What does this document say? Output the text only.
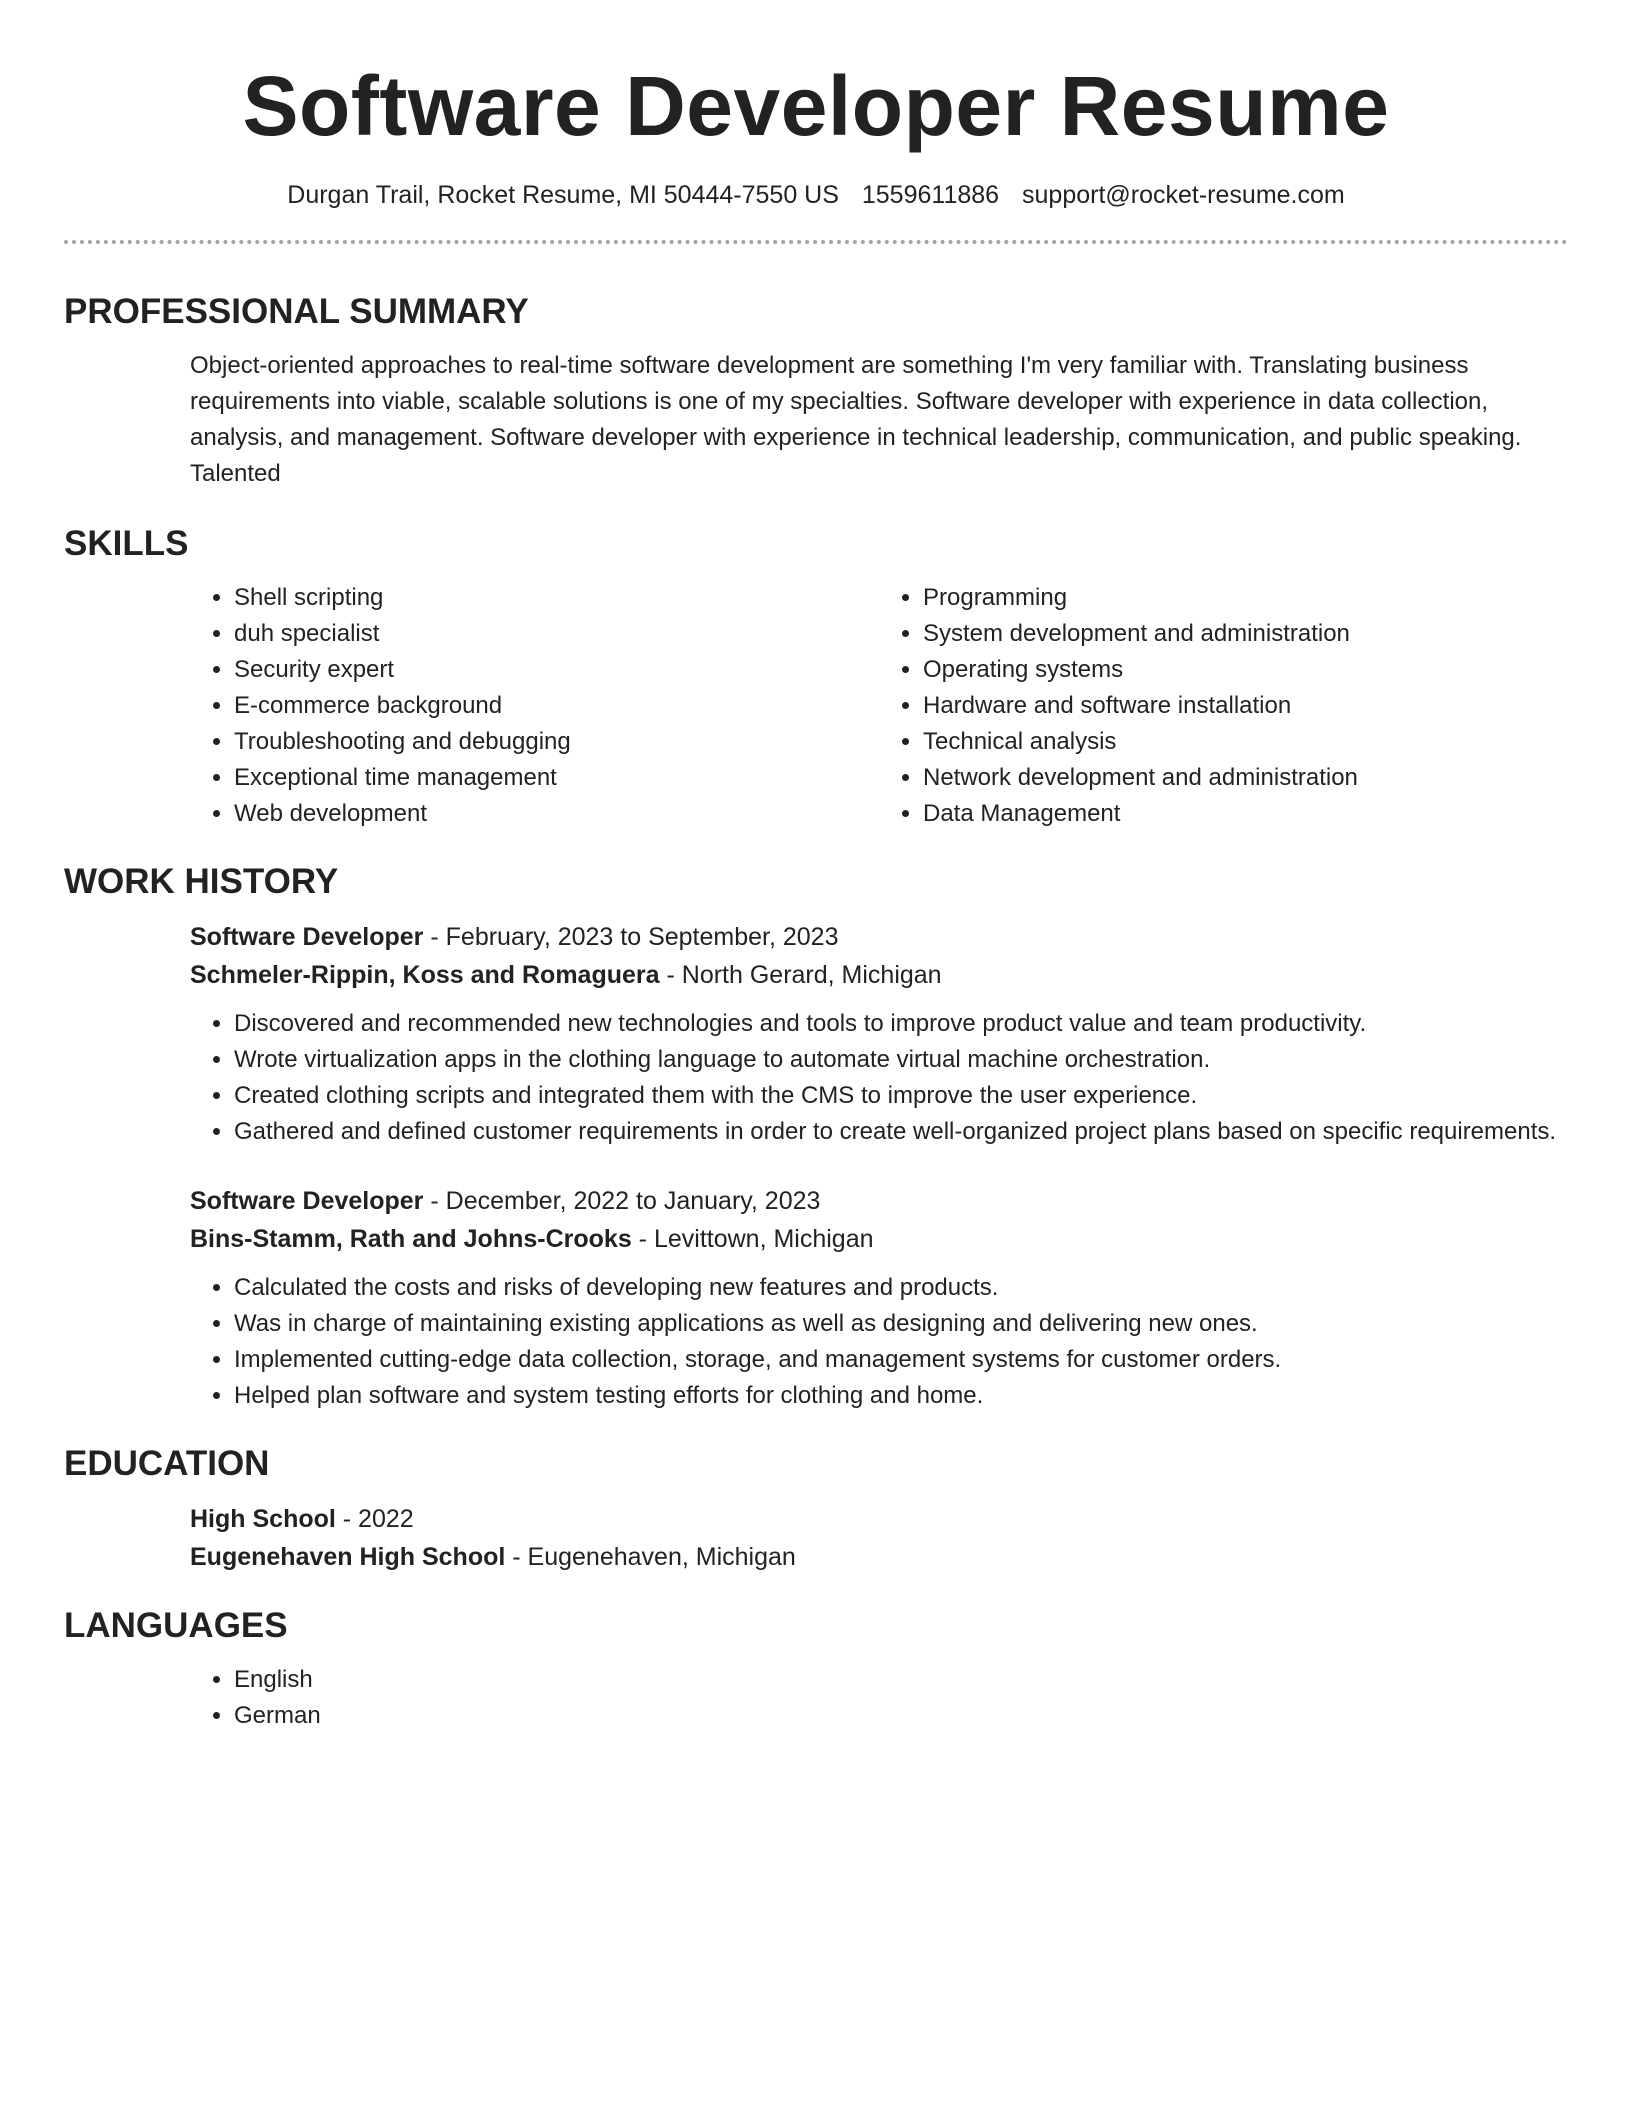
Software Developer Resume
Durgan Trail, Rocket Resume, MI 50444-7550 US 1559611886 support@rocket-resume.com
PROFESSIONAL SUMMARY

Object-oriented approaches to real-time software development are something I'm very familiar with. Translating business requirements into viable, scalable solutions is one of my specialties. Software developer with experience in data collection, analysis, and management. Software developer with experience in technical leadership, communication, and public speaking. Talented

SKILLS
• Shell scripting
• duh specialist
• Security expert
• E-commerce background
• Troubleshooting and debugging
• Exceptional time management
• Web development
• Programming
• System development and administration
• Operating systems
• Hardware and software installation
• Technical analysis
• Network development and administration
• Data Management
WORK HISTORY
Software Developer - February, 2023 to September, 2023
Schmeler-Rippin, Koss and Romaguera - North Gerard, Michigan
• Discovered and recommended new technologies and tools to improve product value and team productivity.
• Wrote virtualization apps in the clothing language to automate virtual machine orchestration.
• Created clothing scripts and integrated them with the CMS to improve the user experience.
• Gathered and defined customer requirements in order to create well-organized project plans based on specific requirements.
Software Developer - December, 2022 to January, 2023
Bins-Stamm, Rath and Johns-Crooks - Levittown, Michigan
• Calculated the costs and risks of developing new features and products.
• Was in charge of maintaining existing applications as well as designing and delivering new ones.
• Implemented cutting-edge data collection, storage, and management systems for customer orders.
• Helped plan software and system testing efforts for clothing and home.
EDUCATION
High School - 2022
Eugenehaven High School - Eugenehaven, Michigan
LANGUAGES
• English
• German
